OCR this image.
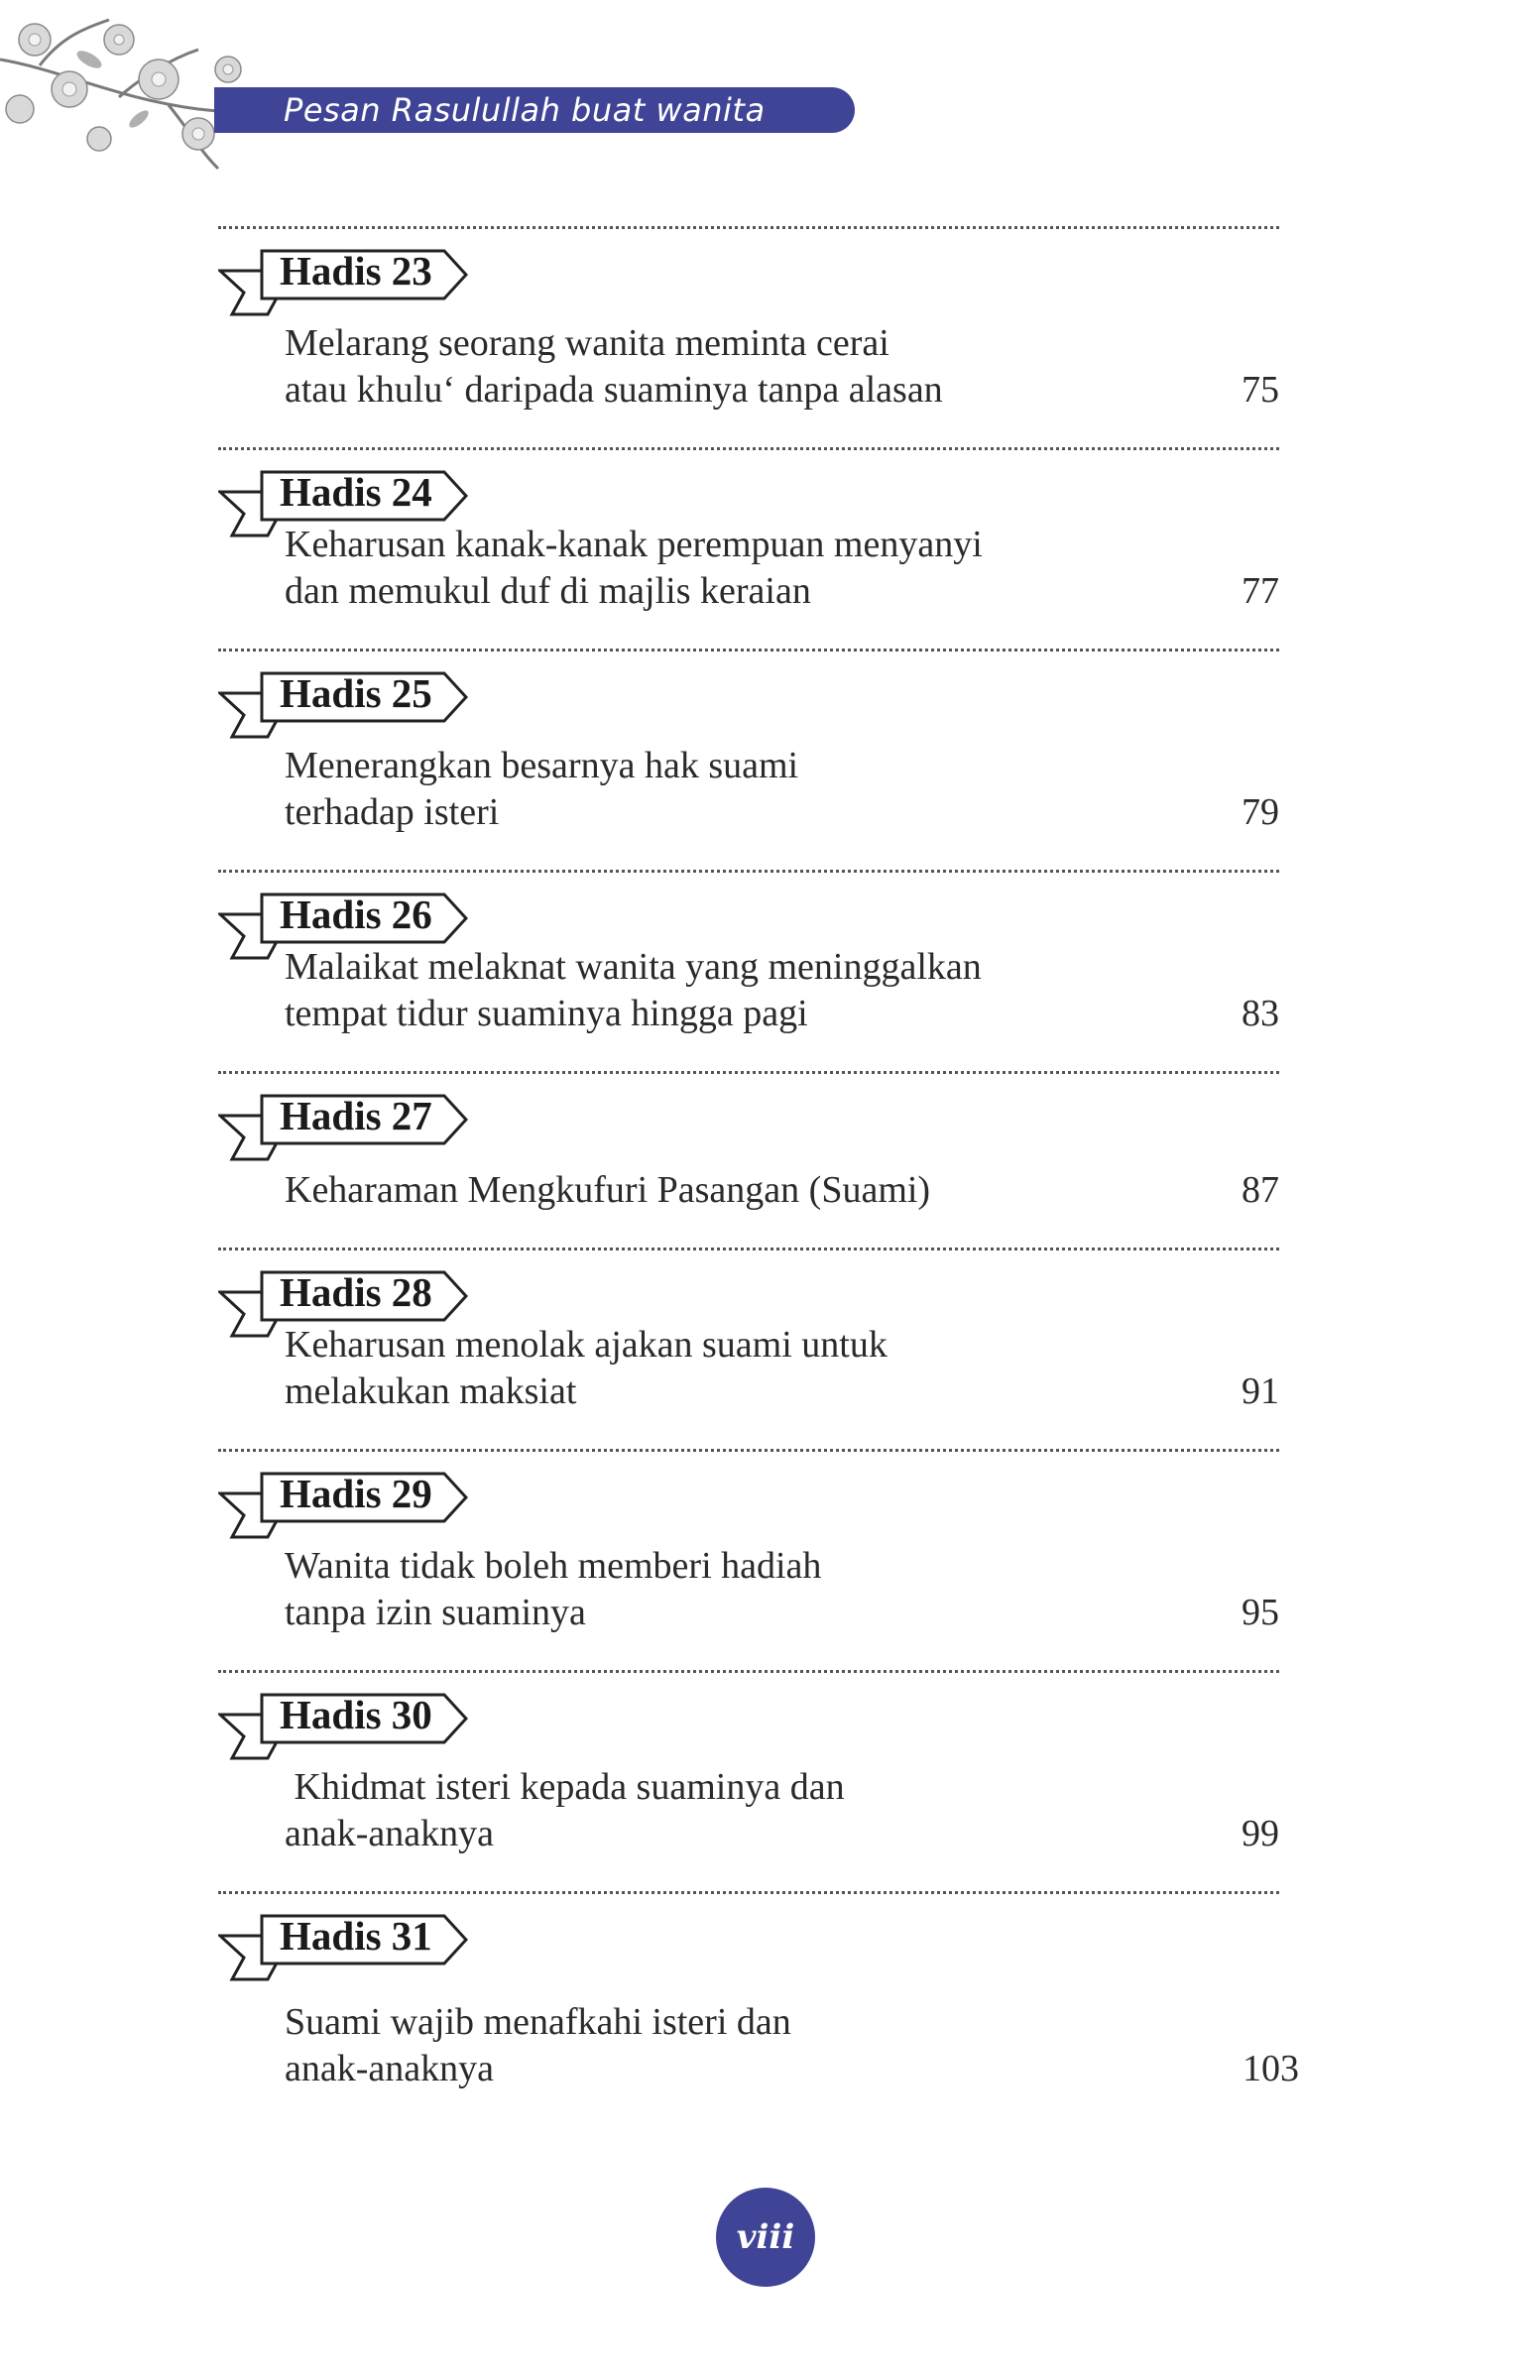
Pesan Rasulullah buat wanita
Hadis 23
Melarang seorang wanita meminta cerai
atau khulu‘ daripada suaminya tanpa alasan	75
Hadis 24
Keharusan kanak-kanak perempuan menyanyi
dan memukul duf di majlis keraian	77
Hadis 25
Menerangkan besarnya hak suami
terhadap isteri	79
Hadis 26
Malaikat melaknat wanita yang meninggalkan
tempat tidur suaminya hingga pagi	83
Hadis 27
Keharaman Mengkufuri Pasangan (Suami)	87
Hadis 28
Keharusan menolak ajakan suami untuk
melakukan maksiat	91
Hadis 29
Wanita tidak boleh memberi hadiah
tanpa izin suaminya	95
Hadis 30
Khidmat isteri kepada suaminya dan
anak-anaknya	99
Hadis 31
Suami wajib menafkahi isteri dan
anak-anaknya	103
viii
